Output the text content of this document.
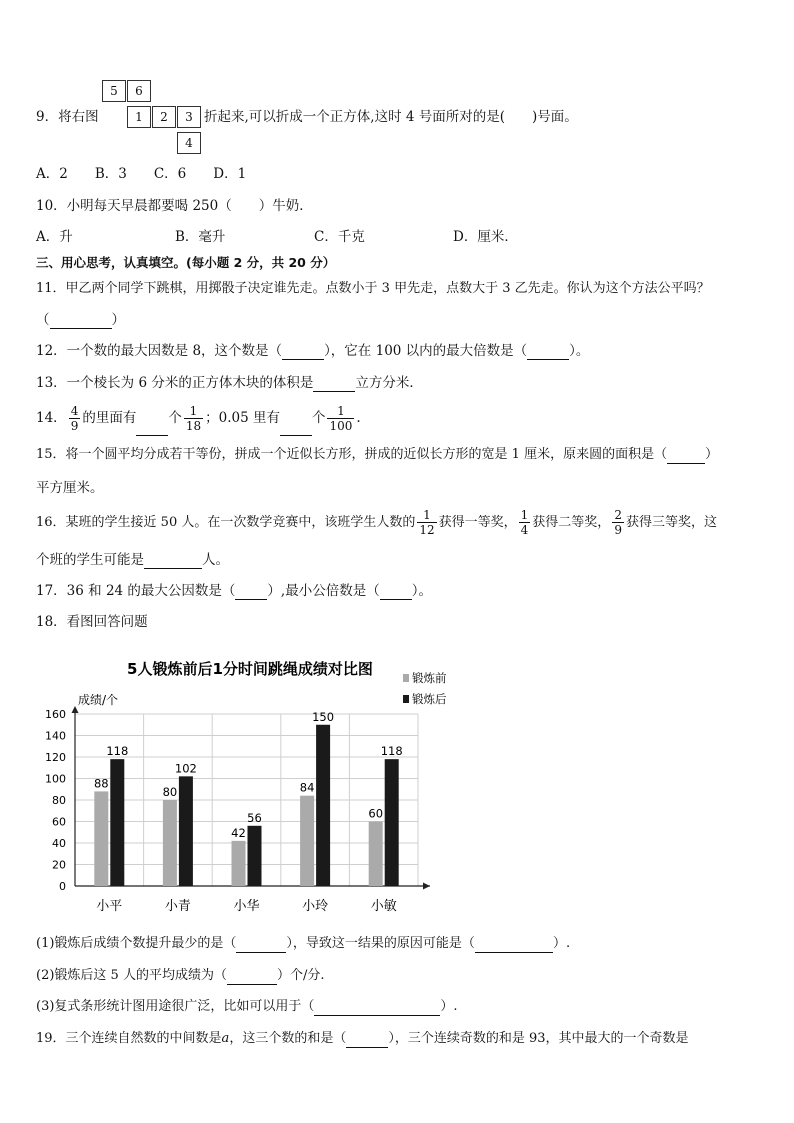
5	6
1	2	3
4
9．将右图	折起来,可以折成一个正方体,这时 4 号面所对的是(　　)号面。
A．2　　B．3　　C．6　　D．1
10．小明每天早晨都要喝 250（　　）牛奶．
A．升	B．毫升	C．千克	D．厘米．
三、用心思考，认真填空。(每小题 2 分，共 20 分）
11．甲乙两个同学下跳棋，用掷骰子决定谁先走。点数小于 3 甲先走，点数大于 3 乙先走。你认为这个方法公平吗？
（	）
12．一个数的最大因数是 8，这个数是（	），它在 100 以内的最大倍数是（	）。
13．一个棱长为 6 分米的正方体木块的体积是	立方分米．
14． $\frac{4}{9}$ 的里面有 个 $\frac{1}{18}$ ；0.05 里有 个 $\frac{1}{100}$ .
15．将一个圆平均分成若干等份，拼成一个近似长方形，拼成的近似长方形的宽是 1 厘米，原来圆的面积是（	）
平方厘米。
16．某班的学生接近 50 人。在一次数学竞赛中，该班学生人数的 $\frac{1}{12}$ 获得一等奖， $\frac{1}{4}$ 获得二等奖， $\frac{2}{9}$ 获得三等奖，这
个班的学生可能是	人。
17．36 和 24 的最大公因数是（ ）,最小公倍数是（ ）。
18．看图回答问题
5人锻炼前后1分时间跳绳成绩对比图
成绩/个
88
118
80
102
42
56
84
150
60
118
0
20
40
60
80
100
120
140
160
小平	小青	小华	小玲	小敏
锻炼前
锻炼后
(1)锻炼后成绩个数提升最少的是（	），导致这一结果的原因可能是（	）.
(2)锻炼后这 5 人的平均成绩为（	）个/分.
(3)复式条形统计图用途很广泛，比如可以用于（	）.
19．三个连续自然数的中间数是a，这三个数的和是（	），三个连续奇数的和是 93，其中最大的一个奇数是
